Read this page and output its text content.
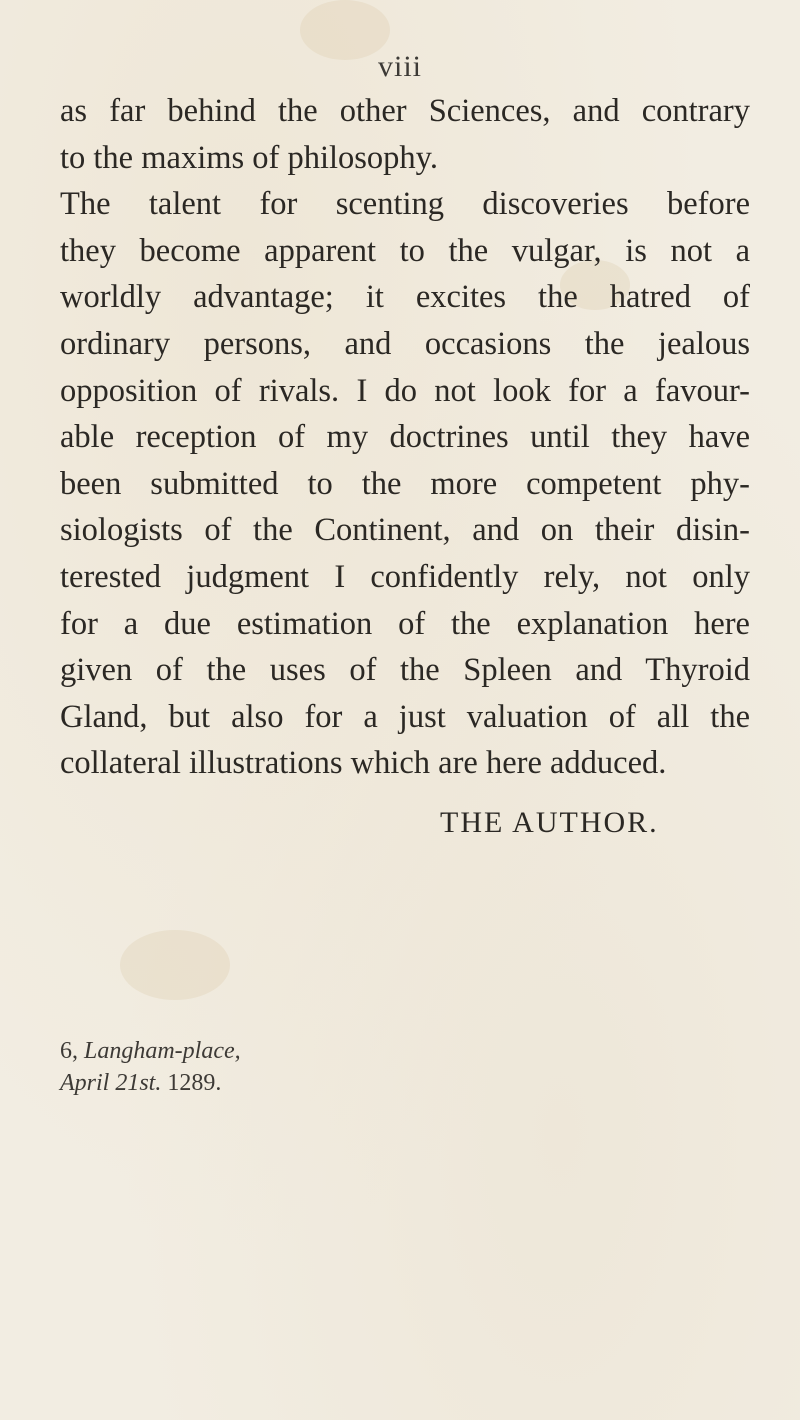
viii
as far behind the other Sciences, and contrary
to the maxims of philosophy.
The talent for scenting discoveries before
they become apparent to the vulgar, is not a
worldly advantage; it excites the hatred of
ordinary persons, and occasions the jealous
opposition of rivals. I do not look for a favour-
able reception of my doctrines until they have
been submitted to the more competent phy-
siologists of the Continent, and on their disin-
terested judgment I confidently rely, not only
for a due estimation of the explanation here
given of the uses of the Spleen and Thyroid
Gland, but also for a just valuation of all the
collateral illustrations which are here adduced.
THE AUTHOR.
6, Langham-place,
April 21st. 1289.
